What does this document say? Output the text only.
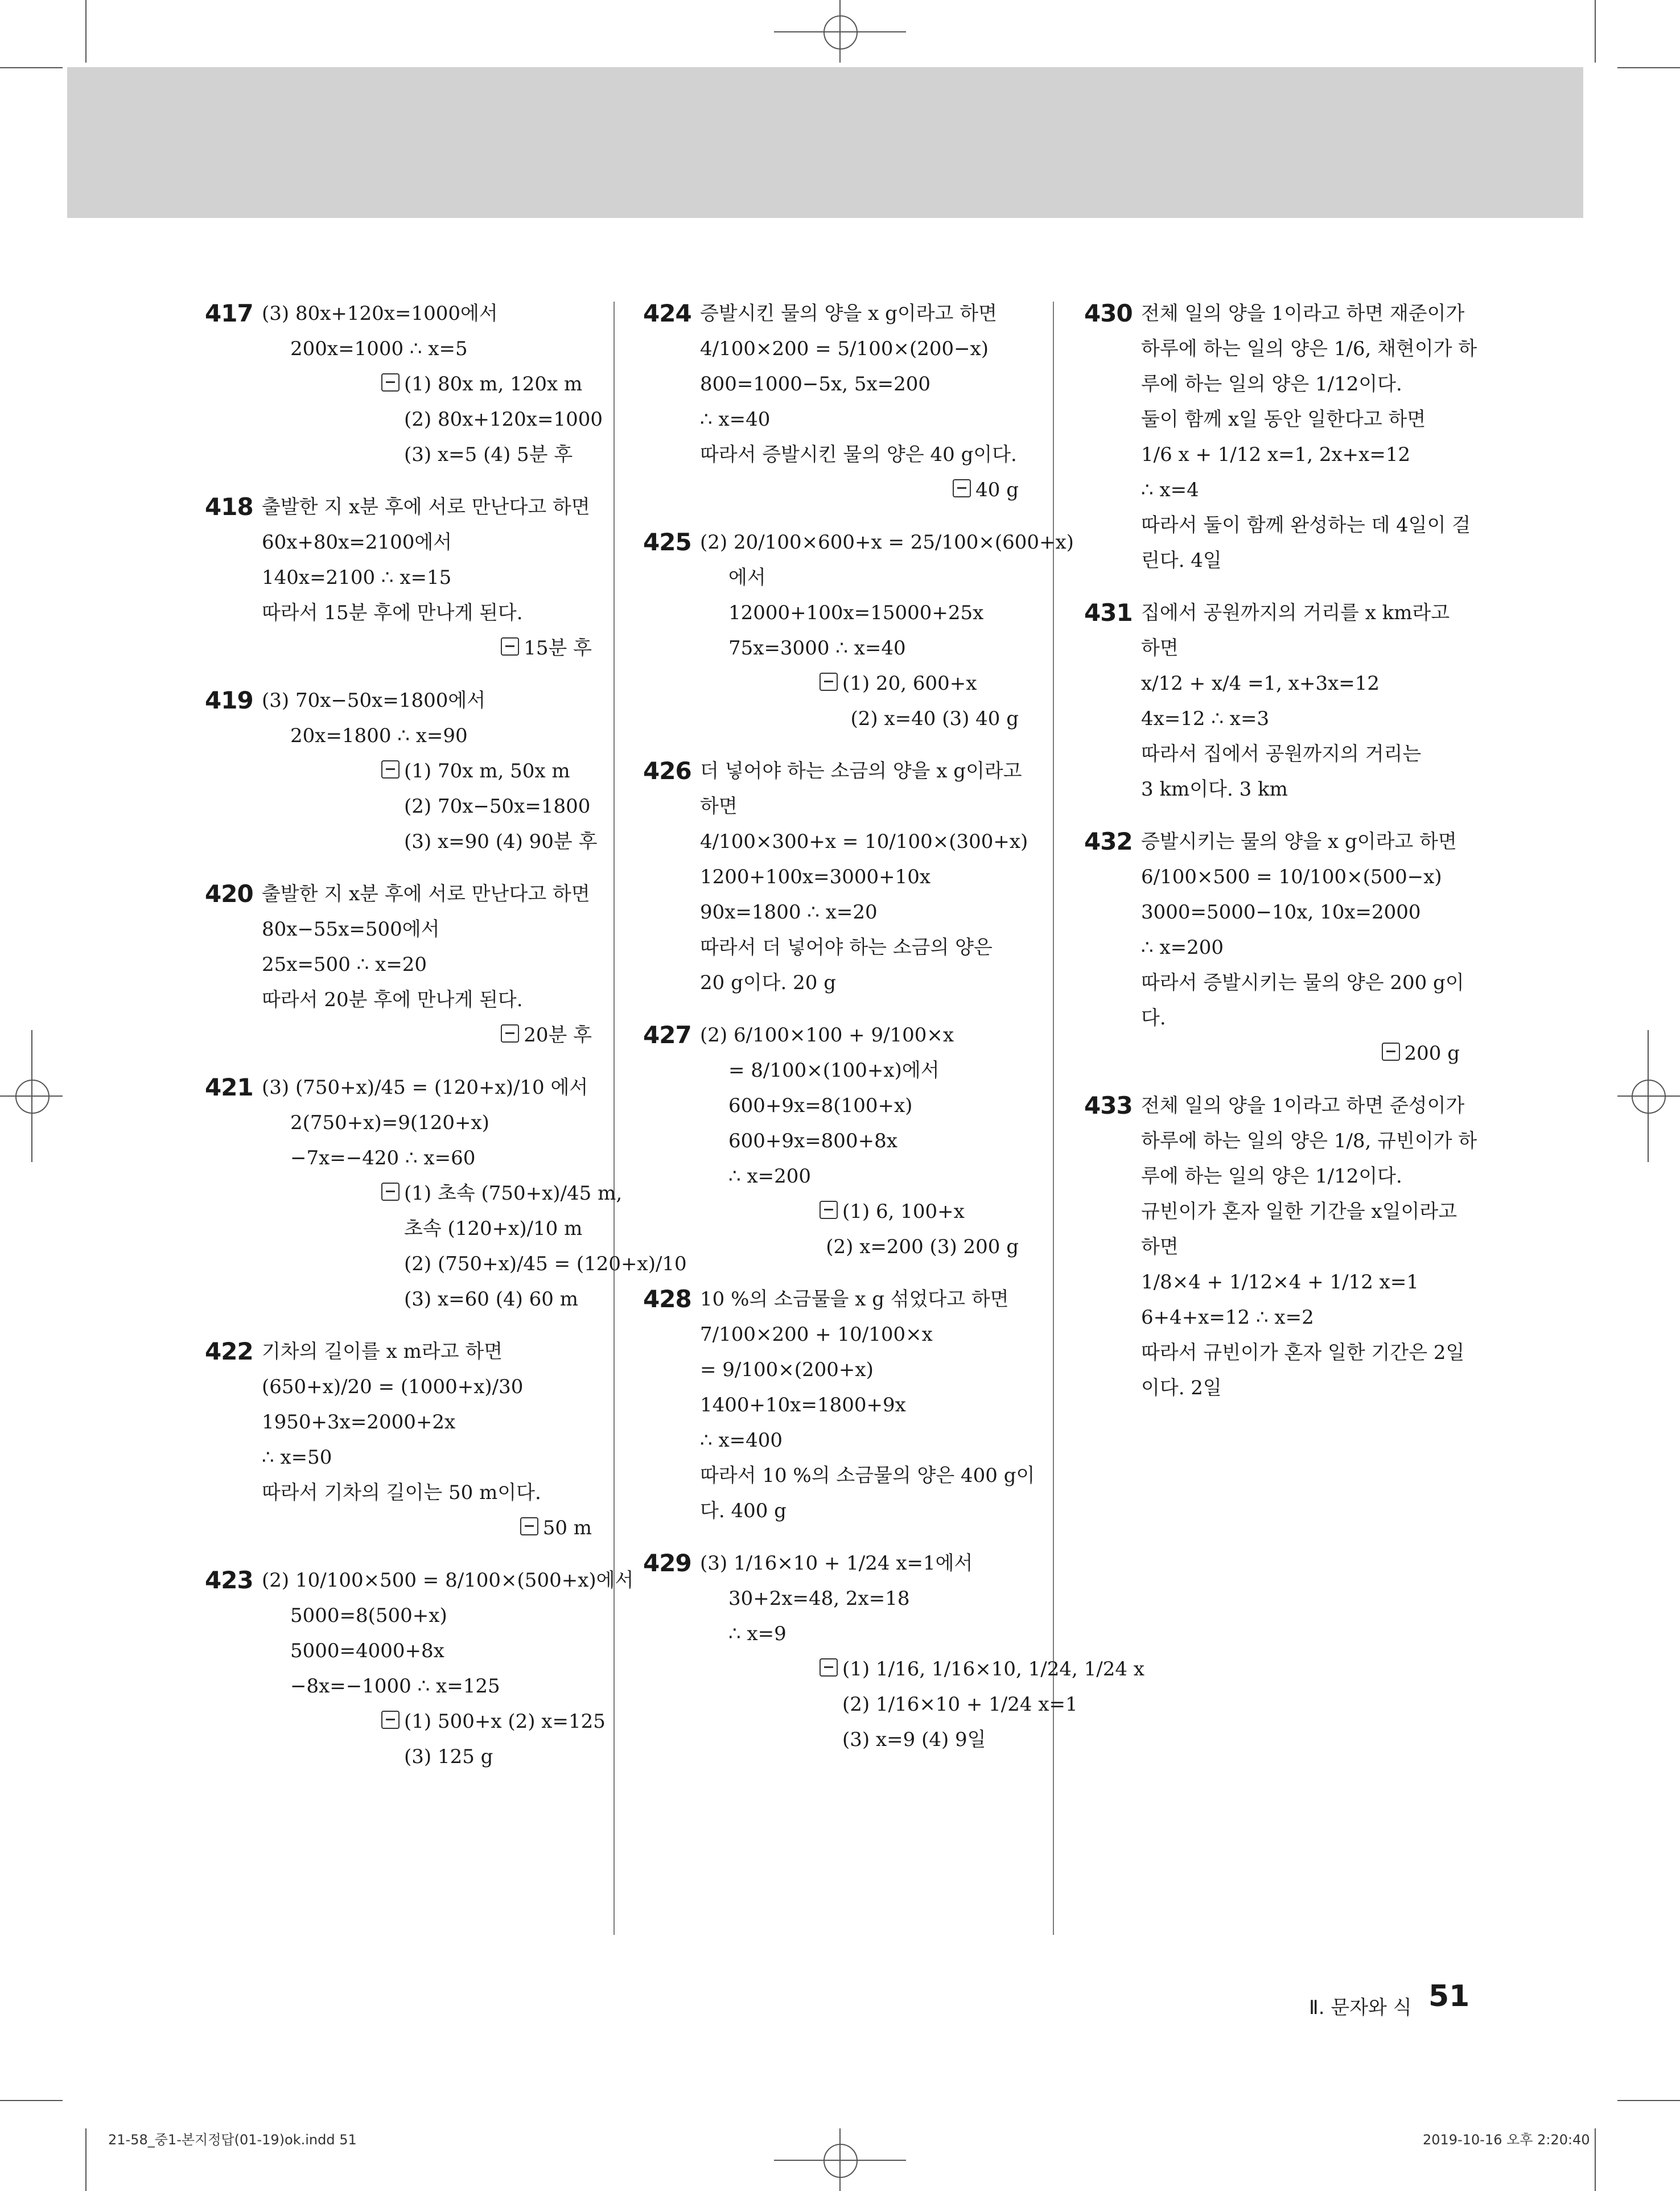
417 (3) 80x+120x=1000에서
200x=1000 ∴ x=5
(1) 80x m, 120x m
(2) 80x+120x=1000
(3) x=5 (4) 5분 후
418 출발한 지 x분 후에 서로 만난다고 하면
60x+80x=2100에서
140x=2100 ∴ x=15
따라서 15분 후에 만나게 된다.
15분 후
419 (3) 70x−50x=1800에서
20x=1800 ∴ x=90
(1) 70x m, 50x m
(2) 70x−50x=1800
(3) x=90 (4) 90분 후
420 출발한 지 x분 후에 서로 만난다고 하면
80x−55x=500에서
25x=500 ∴ x=20
따라서 20분 후에 만나게 된다.
20분 후
421 (3) (750+x)/45 = (120+x)/10 에서
2(750+x)=9(120+x)
−7x=−420 ∴ x=60
(1) 초속 (750+x)/45 m,
초속 (120+x)/10 m
(2) (750+x)/45 = (120+x)/10
(3) x=60 (4) 60 m
422 기차의 길이를 x m라고 하면
(650+x)/20 = (1000+x)/30
1950+3x=2000+2x
∴ x=50
따라서 기차의 길이는 50 m이다.
50 m
423 (2) 10/100×500 = 8/100×(500+x)에서
5000=8(500+x)
5000=4000+8x
−8x=−1000 ∴ x=125
(1) 500+x (2) x=125
(3) 125 g
424 증발시킨 물의 양을 x g이라고 하면
4/100×200 = 5/100×(200−x)
800=1000−5x, 5x=200
∴ x=40
따라서 증발시킨 물의 양은 40 g이다.
40 g
425 (2) 20/100×600+x = 25/100×(600+x)
에서
12000+100x=15000+25x
75x=3000 ∴ x=40
(1) 20, 600+x
(2) x=40 (3) 40 g
426 더 넣어야 하는 소금의 양을 x g이라고
하면
4/100×300+x = 10/100×(300+x)
1200+100x=3000+10x
90x=1800 ∴ x=20
따라서 더 넣어야 하는 소금의 양은
20 g이다. 20 g
427 (2) 6/100×100 + 9/100×x
= 8/100×(100+x)에서
600+9x=8(100+x)
600+9x=800+8x
∴ x=200
(1) 6, 100+x
(2) x=200 (3) 200 g
428 10 %의 소금물을 x g 섞었다고 하면
7/100×200 + 10/100×x
= 9/100×(200+x)
1400+10x=1800+9x
∴ x=400
따라서 10 %의 소금물의 양은 400 g이
다. 400 g
429 (3) 1/16×10 + 1/24 x=1에서
30+2x=48, 2x=18
∴ x=9
(1) 1/16, 1/16×10, 1/24, 1/24 x
(2) 1/16×10 + 1/24 x=1
(3) x=9 (4) 9일
430 전체 일의 양을 1이라고 하면 재준이가
하루에 하는 일의 양은 1/6, 채현이가 하
루에 하는 일의 양은 1/12이다.
둘이 함께 x일 동안 일한다고 하면
1/6 x + 1/12 x=1, 2x+x=12
∴ x=4
따라서 둘이 함께 완성하는 데 4일이 걸
린다. 4일
431 집에서 공원까지의 거리를 x km라고
하면
x/12 + x/4 =1, x+3x=12
4x=12 ∴ x=3
따라서 집에서 공원까지의 거리는
3 km이다. 3 km
432 증발시키는 물의 양을 x g이라고 하면
6/100×500 = 10/100×(500−x)
3000=5000−10x, 10x=2000
∴ x=200
따라서 증발시키는 물의 양은 200 g이
다.
200 g
433 전체 일의 양을 1이라고 하면 준성이가
하루에 하는 일의 양은 1/8, 규빈이가 하
루에 하는 일의 양은 1/12이다.
규빈이가 혼자 일한 기간을 x일이라고
하면
1/8×4 + 1/12×4 + 1/12 x=1
6+4+x=12 ∴ x=2
따라서 규빈이가 혼자 일한 기간은 2일
이다. 2일
Ⅱ. 문자와 식 51
21-58_중1-본지정답(01-19)ok.indd 51	2019-10-16 오후 2:20:40
